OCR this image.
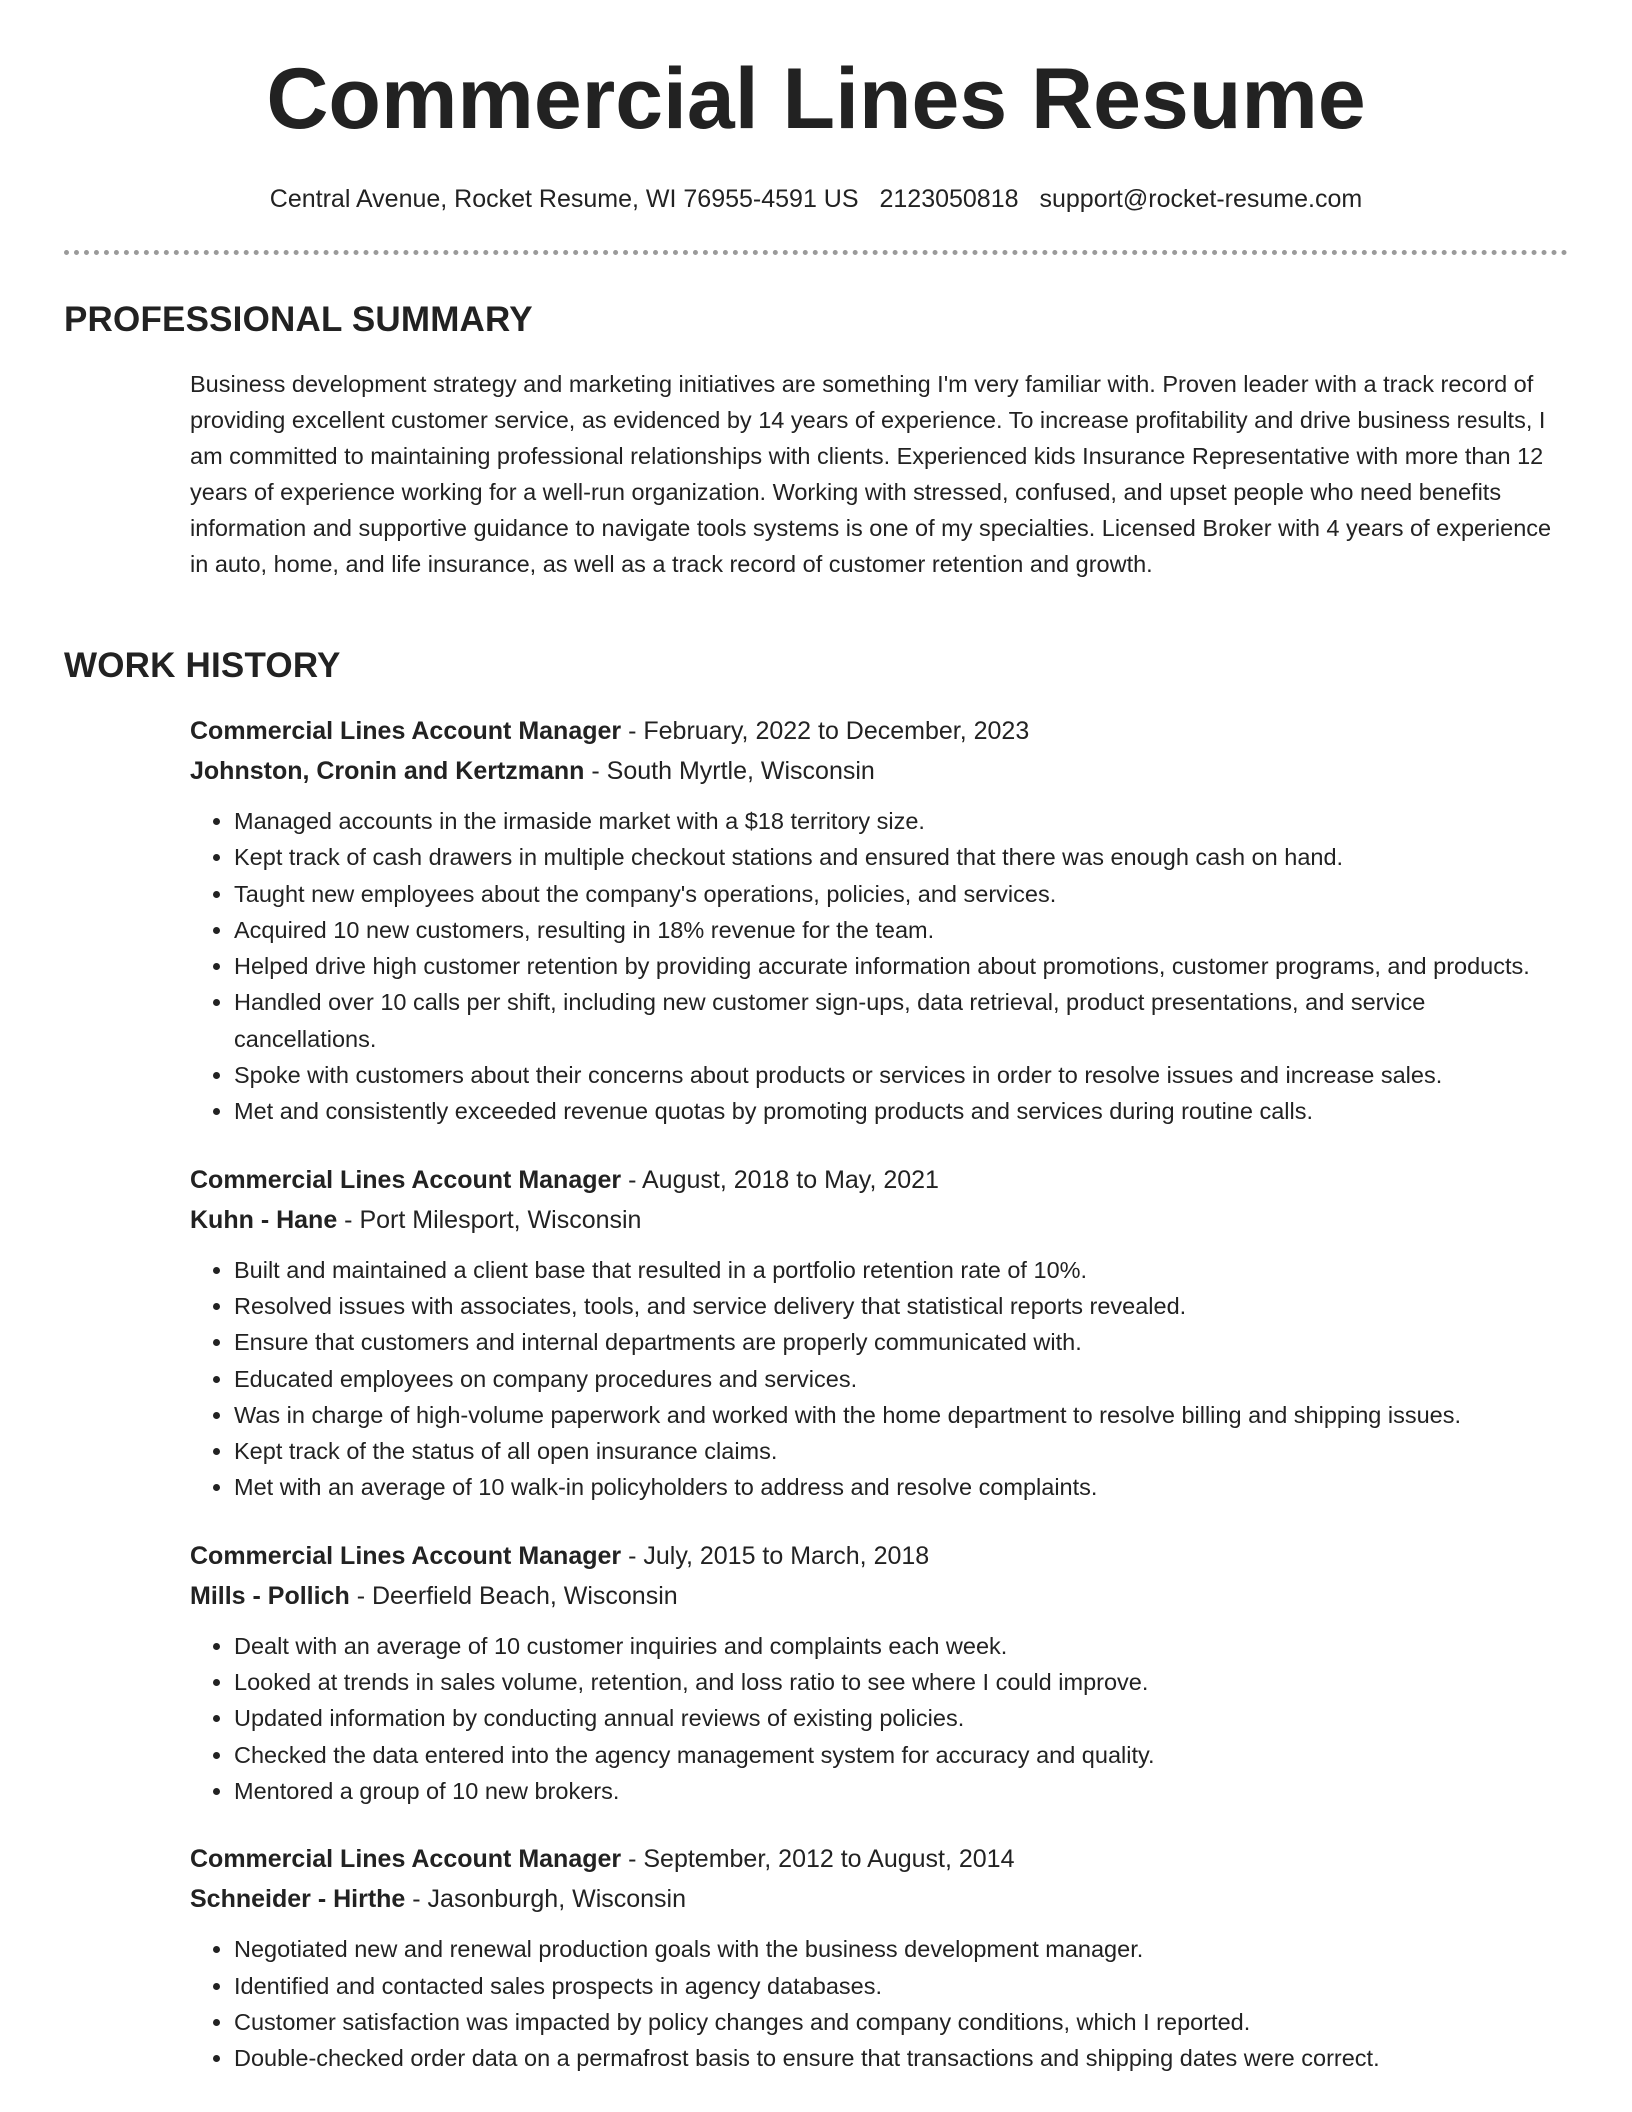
Commercial Lines Resume
Central Avenue, Rocket Resume, WI 76955-4591 US 2123050818 support@rocket-resume.com
PROFESSIONAL SUMMARY

Business development strategy and marketing initiatives are something I'm very familiar with. Proven leader with a track record of providing excellent customer service, as evidenced by 14 years of experience. To increase profitability and drive business results, I am committed to maintaining professional relationships with clients. Experienced kids Insurance Representative with more than 12 years of experience working for a well-run organization. Working with stressed, confused, and upset people who need benefits information and supportive guidance to navigate tools systems is one of my specialties. Licensed Broker with 4 years of experience in auto, home, and life insurance, as well as a track record of customer retention and growth.

WORK HISTORY
Commercial Lines Account Manager - February, 2022 to December, 2023
Johnston, Cronin and Kertzmann - South Myrtle, Wisconsin
• Managed accounts in the irmaside market with a $18 territory size.
• Kept track of cash drawers in multiple checkout stations and ensured that there was enough cash on hand.
• Taught new employees about the company's operations, policies, and services.
• Acquired 10 new customers, resulting in 18% revenue for the team.
• Helped drive high customer retention by providing accurate information about promotions, customer programs, and products.
• Handled over 10 calls per shift, including new customer sign-ups, data retrieval, product presentations, and service cancellations.
• Spoke with customers about their concerns about products or services in order to resolve issues and increase sales.
• Met and consistently exceeded revenue quotas by promoting products and services during routine calls.
Commercial Lines Account Manager - August, 2018 to May, 2021
Kuhn - Hane - Port Milesport, Wisconsin
• Built and maintained a client base that resulted in a portfolio retention rate of 10%.
• Resolved issues with associates, tools, and service delivery that statistical reports revealed.
• Ensure that customers and internal departments are properly communicated with.
• Educated employees on company procedures and services.
• Was in charge of high-volume paperwork and worked with the home department to resolve billing and shipping issues.
• Kept track of the status of all open insurance claims.
• Met with an average of 10 walk-in policyholders to address and resolve complaints.
Commercial Lines Account Manager - July, 2015 to March, 2018
Mills - Pollich - Deerfield Beach, Wisconsin
• Dealt with an average of 10 customer inquiries and complaints each week.
• Looked at trends in sales volume, retention, and loss ratio to see where I could improve.
• Updated information by conducting annual reviews of existing policies.
• Checked the data entered into the agency management system for accuracy and quality.
• Mentored a group of 10 new brokers.
Commercial Lines Account Manager - September, 2012 to August, 2014
Schneider - Hirthe - Jasonburgh, Wisconsin
• Negotiated new and renewal production goals with the business development manager.
• Identified and contacted sales prospects in agency databases.
• Customer satisfaction was impacted by policy changes and company conditions, which I reported.
• Double-checked order data on a permafrost basis to ensure that transactions and shipping dates were correct.
